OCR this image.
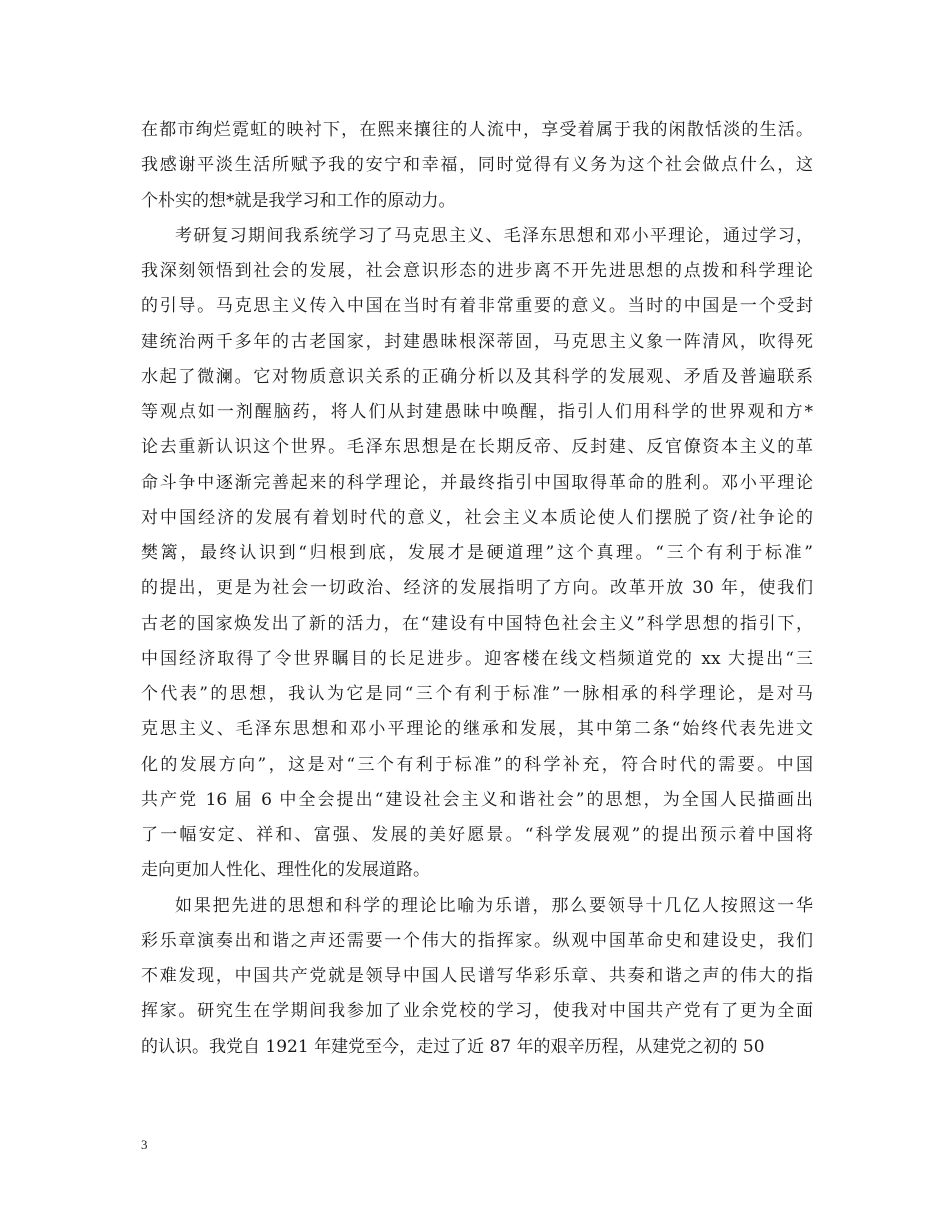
在都市绚烂霓虹的映衬下，在熙来攘往的人流中，享受着属于我的闲散恬淡的生活。
我感谢平淡生活所赋予我的安宁和幸福，同时觉得有义务为这个社会做点什么，这
个朴实的想*就是我学习和工作的原动力。
考研复习期间我系统学习了马克思主义、毛泽东思想和邓小平理论，通过学习，
我深刻领悟到社会的发展，社会意识形态的进步离不开先进思想的点拨和科学理论
的引导。马克思主义传入中国在当时有着非常重要的意义。当时的中国是一个受封
建统治两千多年的古老国家，封建愚昧根深蒂固，马克思主义象一阵清风，吹得死
水起了微澜。它对物质意识关系的正确分析以及其科学的发展观、矛盾及普遍联系
等观点如一剂醒脑药，将人们从封建愚昧中唤醒，指引人们用科学的世界观和方*
论去重新认识这个世界。毛泽东思想是在长期反帝、反封建、反官僚资本主义的革
命斗争中逐渐完善起来的科学理论，并最终指引中国取得革命的胜利。邓小平理论
对中国经济的发展有着划时代的意义，社会主义本质论使人们摆脱了资/社争论的
樊篱，最终认识到“归根到底，发展才是硬道理”这个真理。“三个有利于标准”
的提出，更是为社会一切政治、经济的发展指明了方向。改革开放 30 年，使我们
古老的国家焕发出了新的活力，在“建设有中国特色社会主义”科学思想的指引下，
中国经济取得了令世界瞩目的长足进步。迎客楼在线文档频道党的 xx 大提出“三
个代表”的思想，我认为它是同“三个有利于标准”一脉相承的科学理论，是对马
克思主义、毛泽东思想和邓小平理论的继承和发展，其中第二条“始终代表先进文
化的发展方向”，这是对“三个有利于标准”的科学补充，符合时代的需要。中国
共产党 16 届 6 中全会提出“建设社会主义和谐社会”的思想，为全国人民描画出
了一幅安定、祥和、富强、发展的美好愿景。“科学发展观”的提出预示着中国将
走向更加人性化、理性化的发展道路。
如果把先进的思想和科学的理论比喻为乐谱，那么要领导十几亿人按照这一华
彩乐章演奏出和谐之声还需要一个伟大的指挥家。纵观中国革命史和建设史，我们
不难发现，中国共产党就是领导中国人民谱写华彩乐章、共奏和谐之声的伟大的指
挥家。研究生在学期间我参加了业余党校的学习，使我对中国共产党有了更为全面
的认识。我党自 1921 年建党至今，走过了近 87 年的艰辛历程，从建党之初的 50
3
